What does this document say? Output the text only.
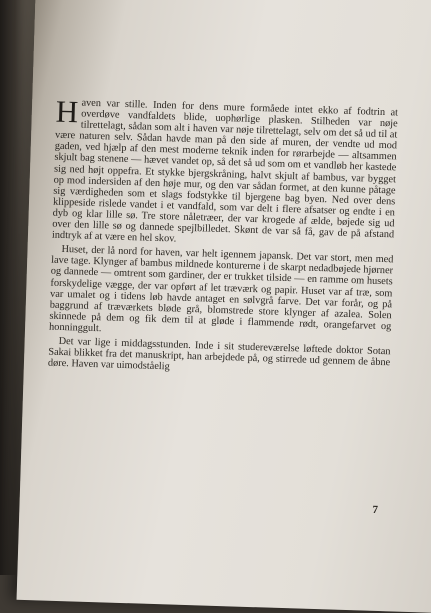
Haven var stille. Inden for dens mure formåede intet ekko af fodtrin at overdøve vandfaldets blide, uophørlige plasken. Stilheden var nøje tilrettelagt, sådan som alt i haven var nøje tilrettelagt, selv om det så ud til at være naturen selv. Sådan havde man på den side af muren, der vendte ud mod gaden, ved hjælp af den mest moderne teknik inden for rørarbejde — altsammen skjult bag stenene — hævet vandet op, så det så ud som om et vandløb her kastede sig ned højt oppefra. Et stykke bjergskråning, halvt skjult af bambus, var bygget op mod indersiden af den høje mur, og den var sådan formet, at den kunne påtage sig værdigheden som et slags fodstykke til bjergene bag byen. Ned over dens klippeside rislede vandet i et vandfald, som var delt i flere afsatser og endte i en dyb og klar lille sø. Tre store nåletræer, der var krogede af ælde, bøjede sig ud over den lille sø og dannede spejlbilledet. Skønt de var så få, gav de på afstand indtryk af at være en hel skov.

Huset, der lå nord for haven, var helt igennem japansk. Det var stort, men med lave tage. Klynger af bambus mildnede konturerne i de skarpt nedadbøjede hjørner og dannede — omtrent som gardiner, der er trukket tilside — en ramme om husets forskydelige vægge, der var opført af let træværk og papir. Huset var af træ, som var umalet og i tidens løb havde antaget en sølvgrå farve. Det var forår, og på baggrund af træværkets bløde grå, blomstrede store klynger af azalea. Solen skinnede på dem og fik dem til at gløde i flammende rødt, orangefarvet og honninggult.

Det var lige i middagsstunden. Inde i sit studereværelse løftede doktor Sotan Sakai blikket fra det manuskript, han arbejdede på, og stirrede ud gennem de åbne døre. Haven var uimodståelig

7
